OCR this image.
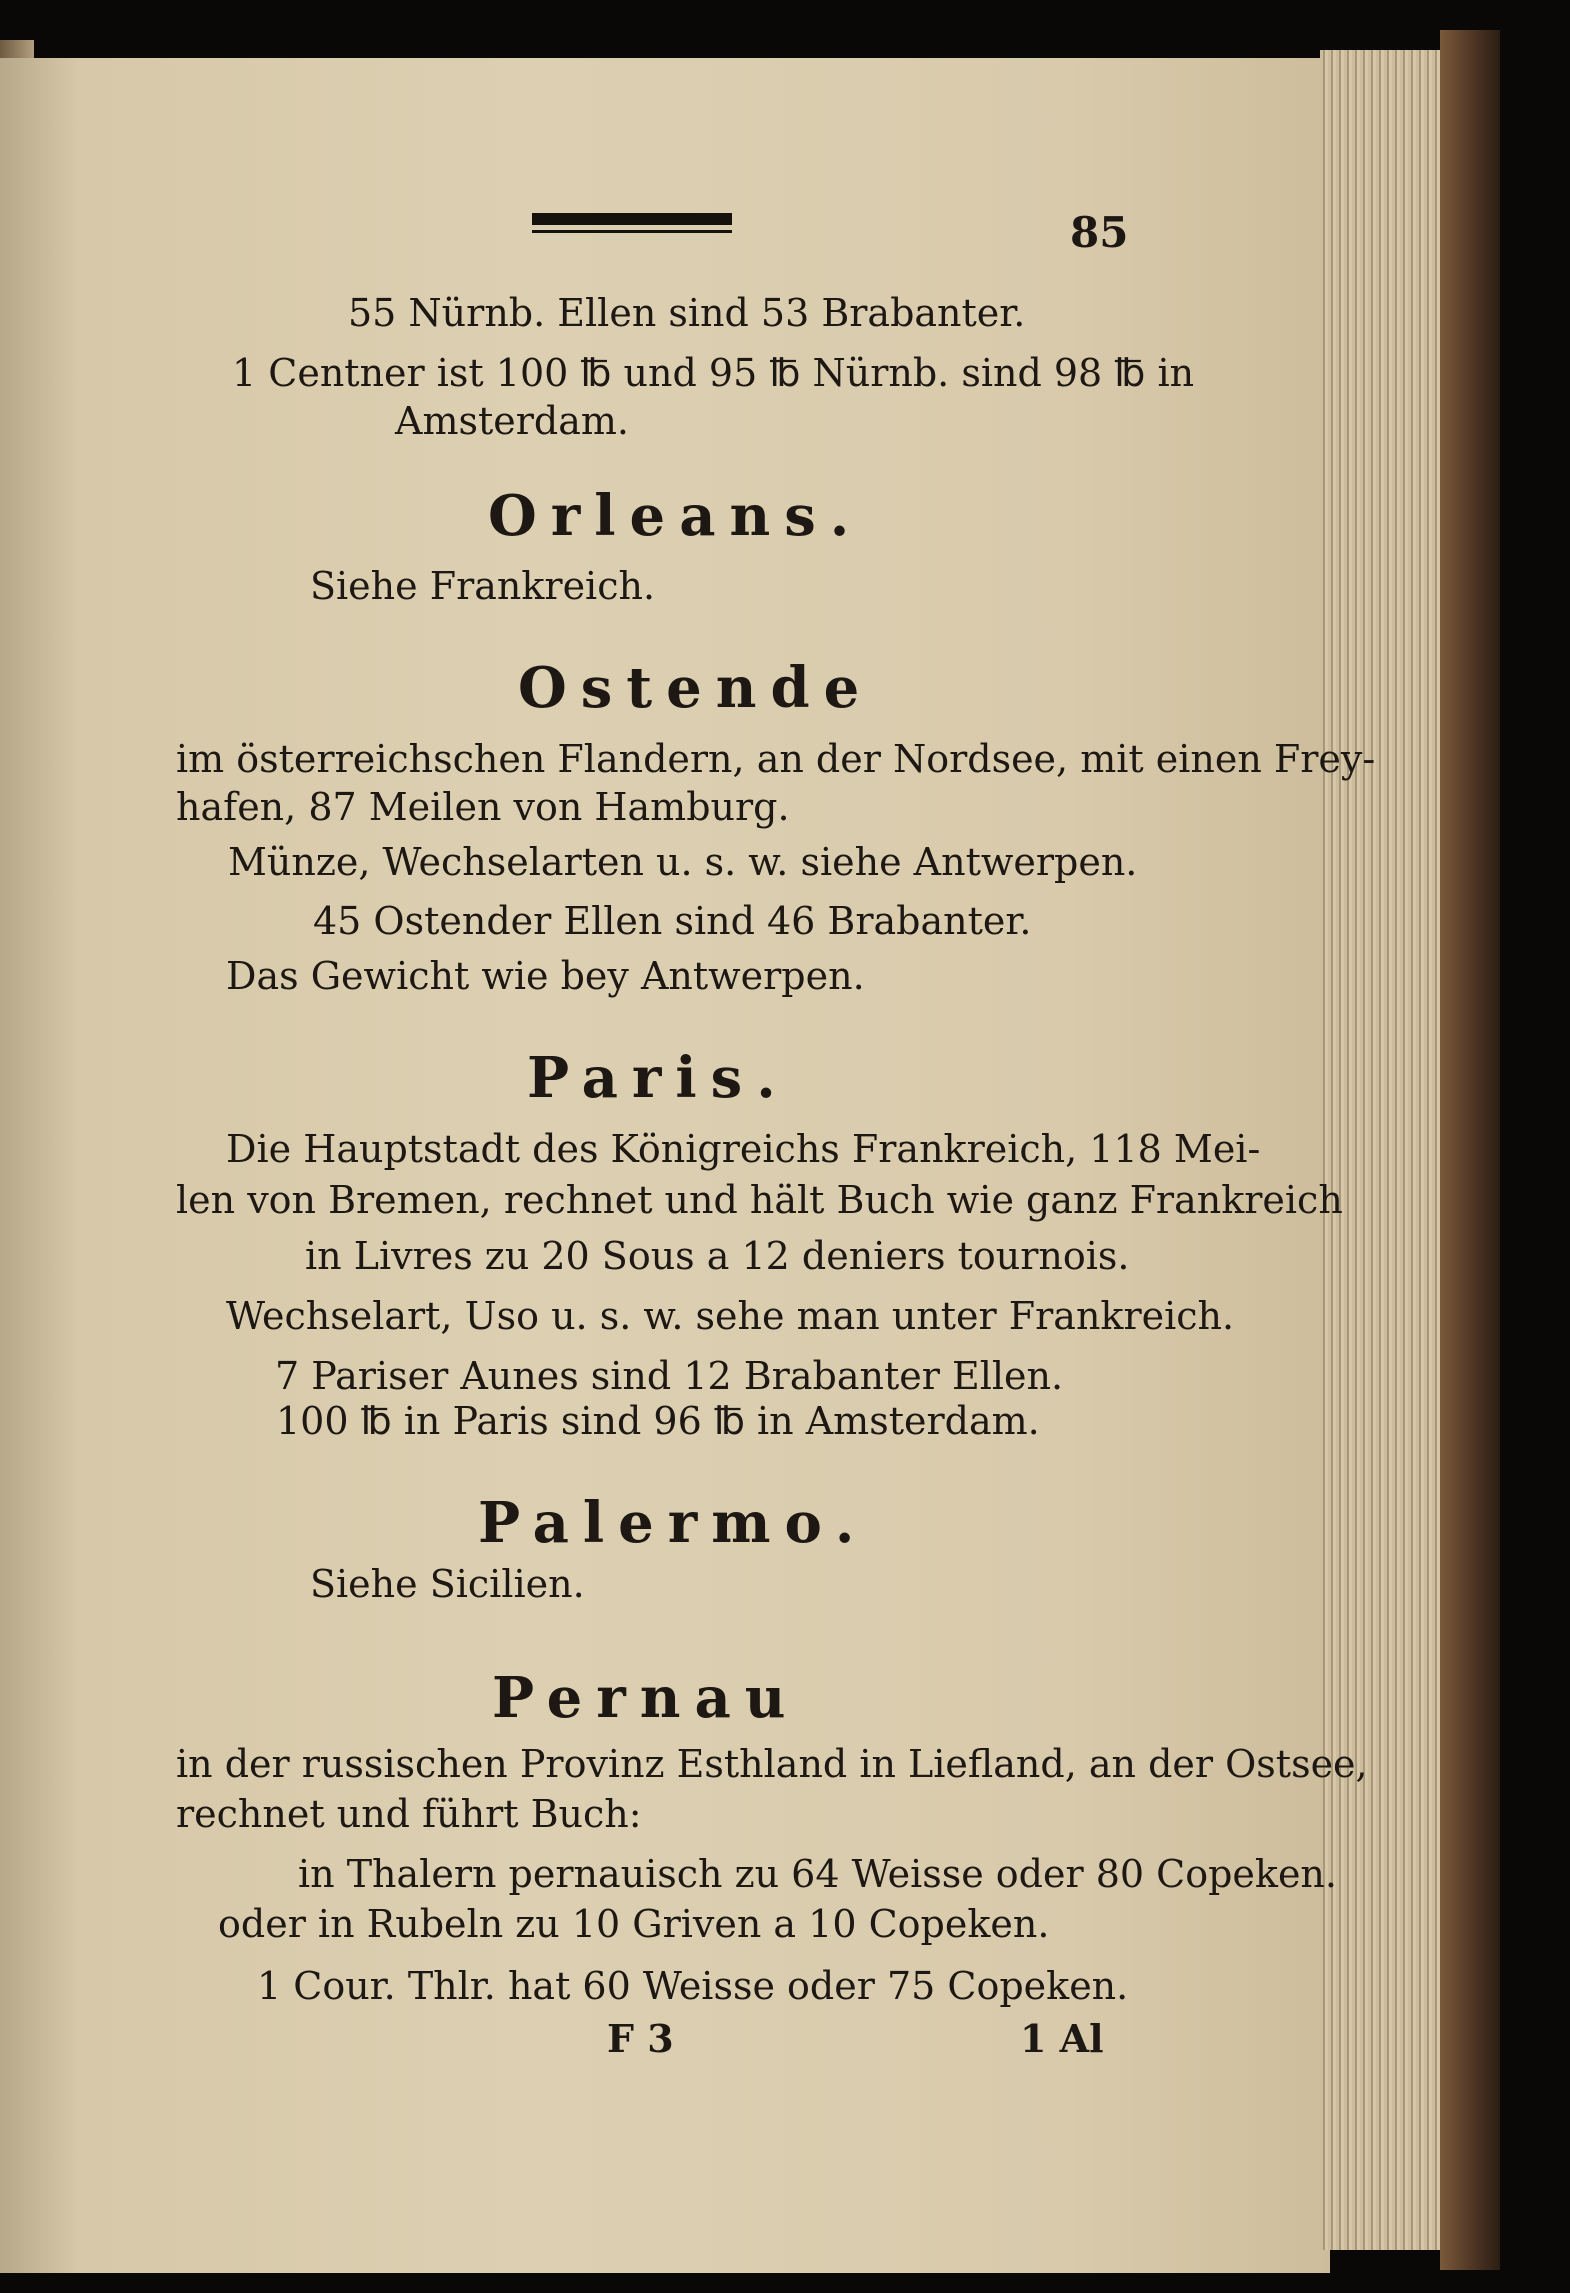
85
55 Nürnb. Ellen sind 53 Brabanter.
1 Centner ist 100 ℔ und 95 ℔ Nürnb. sind 98 ℔ in
Amsterdam.
Orleans.
Siehe Frankreich.
Ostende
im österreichschen Flandern, an der Nordsee, mit einen Frey-
hafen, 87 Meilen von Hamburg.
Münze, Wechselarten u. s. w. siehe Antwerpen.
45 Ostender Ellen sind 46 Brabanter.
Das Gewicht wie bey Antwerpen.
Paris.
Die Hauptstadt des Königreichs Frankreich, 118 Mei-
len von Bremen, rechnet und hält Buch wie ganz Frankreich
in Livres zu 20 Sous a 12 deniers tournois.
Wechselart, Uso u. s. w. sehe man unter Frankreich.
7 Pariser Aunes sind 12 Brabanter Ellen.
100 ℔ in Paris sind 96 ℔ in Amsterdam.
Palermo.
Siehe Sicilien.
Pernau
in der russischen Provinz Esthland in Liefland, an der Ostsee,
rechnet und führt Buch:
in Thalern pernauisch zu 64 Weisse oder 80 Copeken.
oder in Rubeln zu 10 Griven a 10 Copeken.
1 Cour. Thlr. hat 60 Weisse oder 75 Copeken.
F 3	1 Al
